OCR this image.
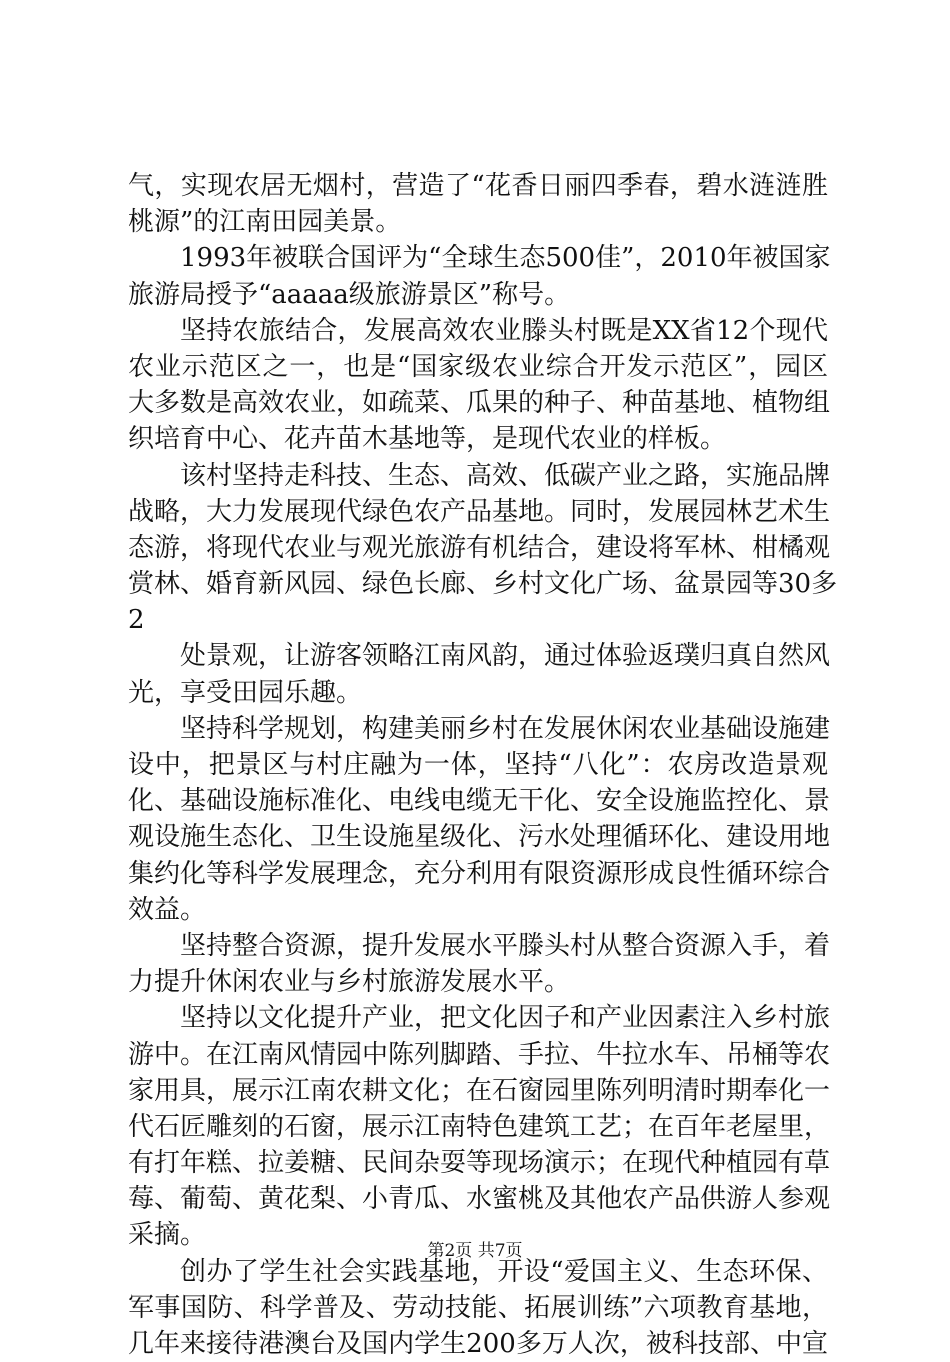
气，实现农居无烟村，营造了“花香日丽四季春，碧水涟涟胜
桃源”的江南田园美景。
1993年被联合国评为“全球生态500佳”，2010年被国家
旅游局授予“aaaaa级旅游景区”称号。
坚持农旅结合，发展高效农业滕头村既是XX省12个现代
农业示范区之一，也是“国家级农业综合开发示范区”，园区
大多数是高效农业，如疏菜、瓜果的种子、种苗基地、植物组
织培育中心、花卉苗木基地等，是现代农业的样板。
该村坚持走科技、生态、高效、低碳产业之路，实施品牌
战略，大力发展现代绿色农产品基地。同时，发展园林艺术生
态游，将现代农业与观光旅游有机结合，建设将军林、柑橘观
赏林、婚育新风园、绿色长廊、乡村文化广场、盆景园等30多
2
处景观，让游客领略江南风韵，通过体验返璞归真自然风
光，享受田园乐趣。
坚持科学规划，构建美丽乡村在发展休闲农业基础设施建
设中，把景区与村庄融为一体，坚持“八化”：农房改造景观
化、基础设施标准化、电线电缆无干化、安全设施监控化、景
观设施生态化、卫生设施星级化、污水处理循环化、建设用地
集约化等科学发展理念，充分利用有限资源形成良性循环综合
效益。
坚持整合资源，提升发展水平滕头村从整合资源入手，着
力提升休闲农业与乡村旅游发展水平。
坚持以文化提升产业，把文化因子和产业因素注入乡村旅
游中。在江南风情园中陈列脚踏、手拉、牛拉水车、吊桶等农
家用具，展示江南农耕文化；在石窗园里陈列明清时期奉化一
代石匠雕刻的石窗，展示江南特色建筑工艺；在百年老屋里，
有打年糕、拉姜糖、民间杂耍等现场演示；在现代种植园有草
莓、葡萄、黄花梨、小青瓜、水蜜桃及其他农产品供游人参观
采摘。
创办了学生社会实践基地，开设“爱国主义、生态环保、
军事国防、科学普及、劳动技能、拓展训练”六项教育基地，
几年来接待港澳台及国内学生200多万人次，被科技部、中宣
第2页 共7页
